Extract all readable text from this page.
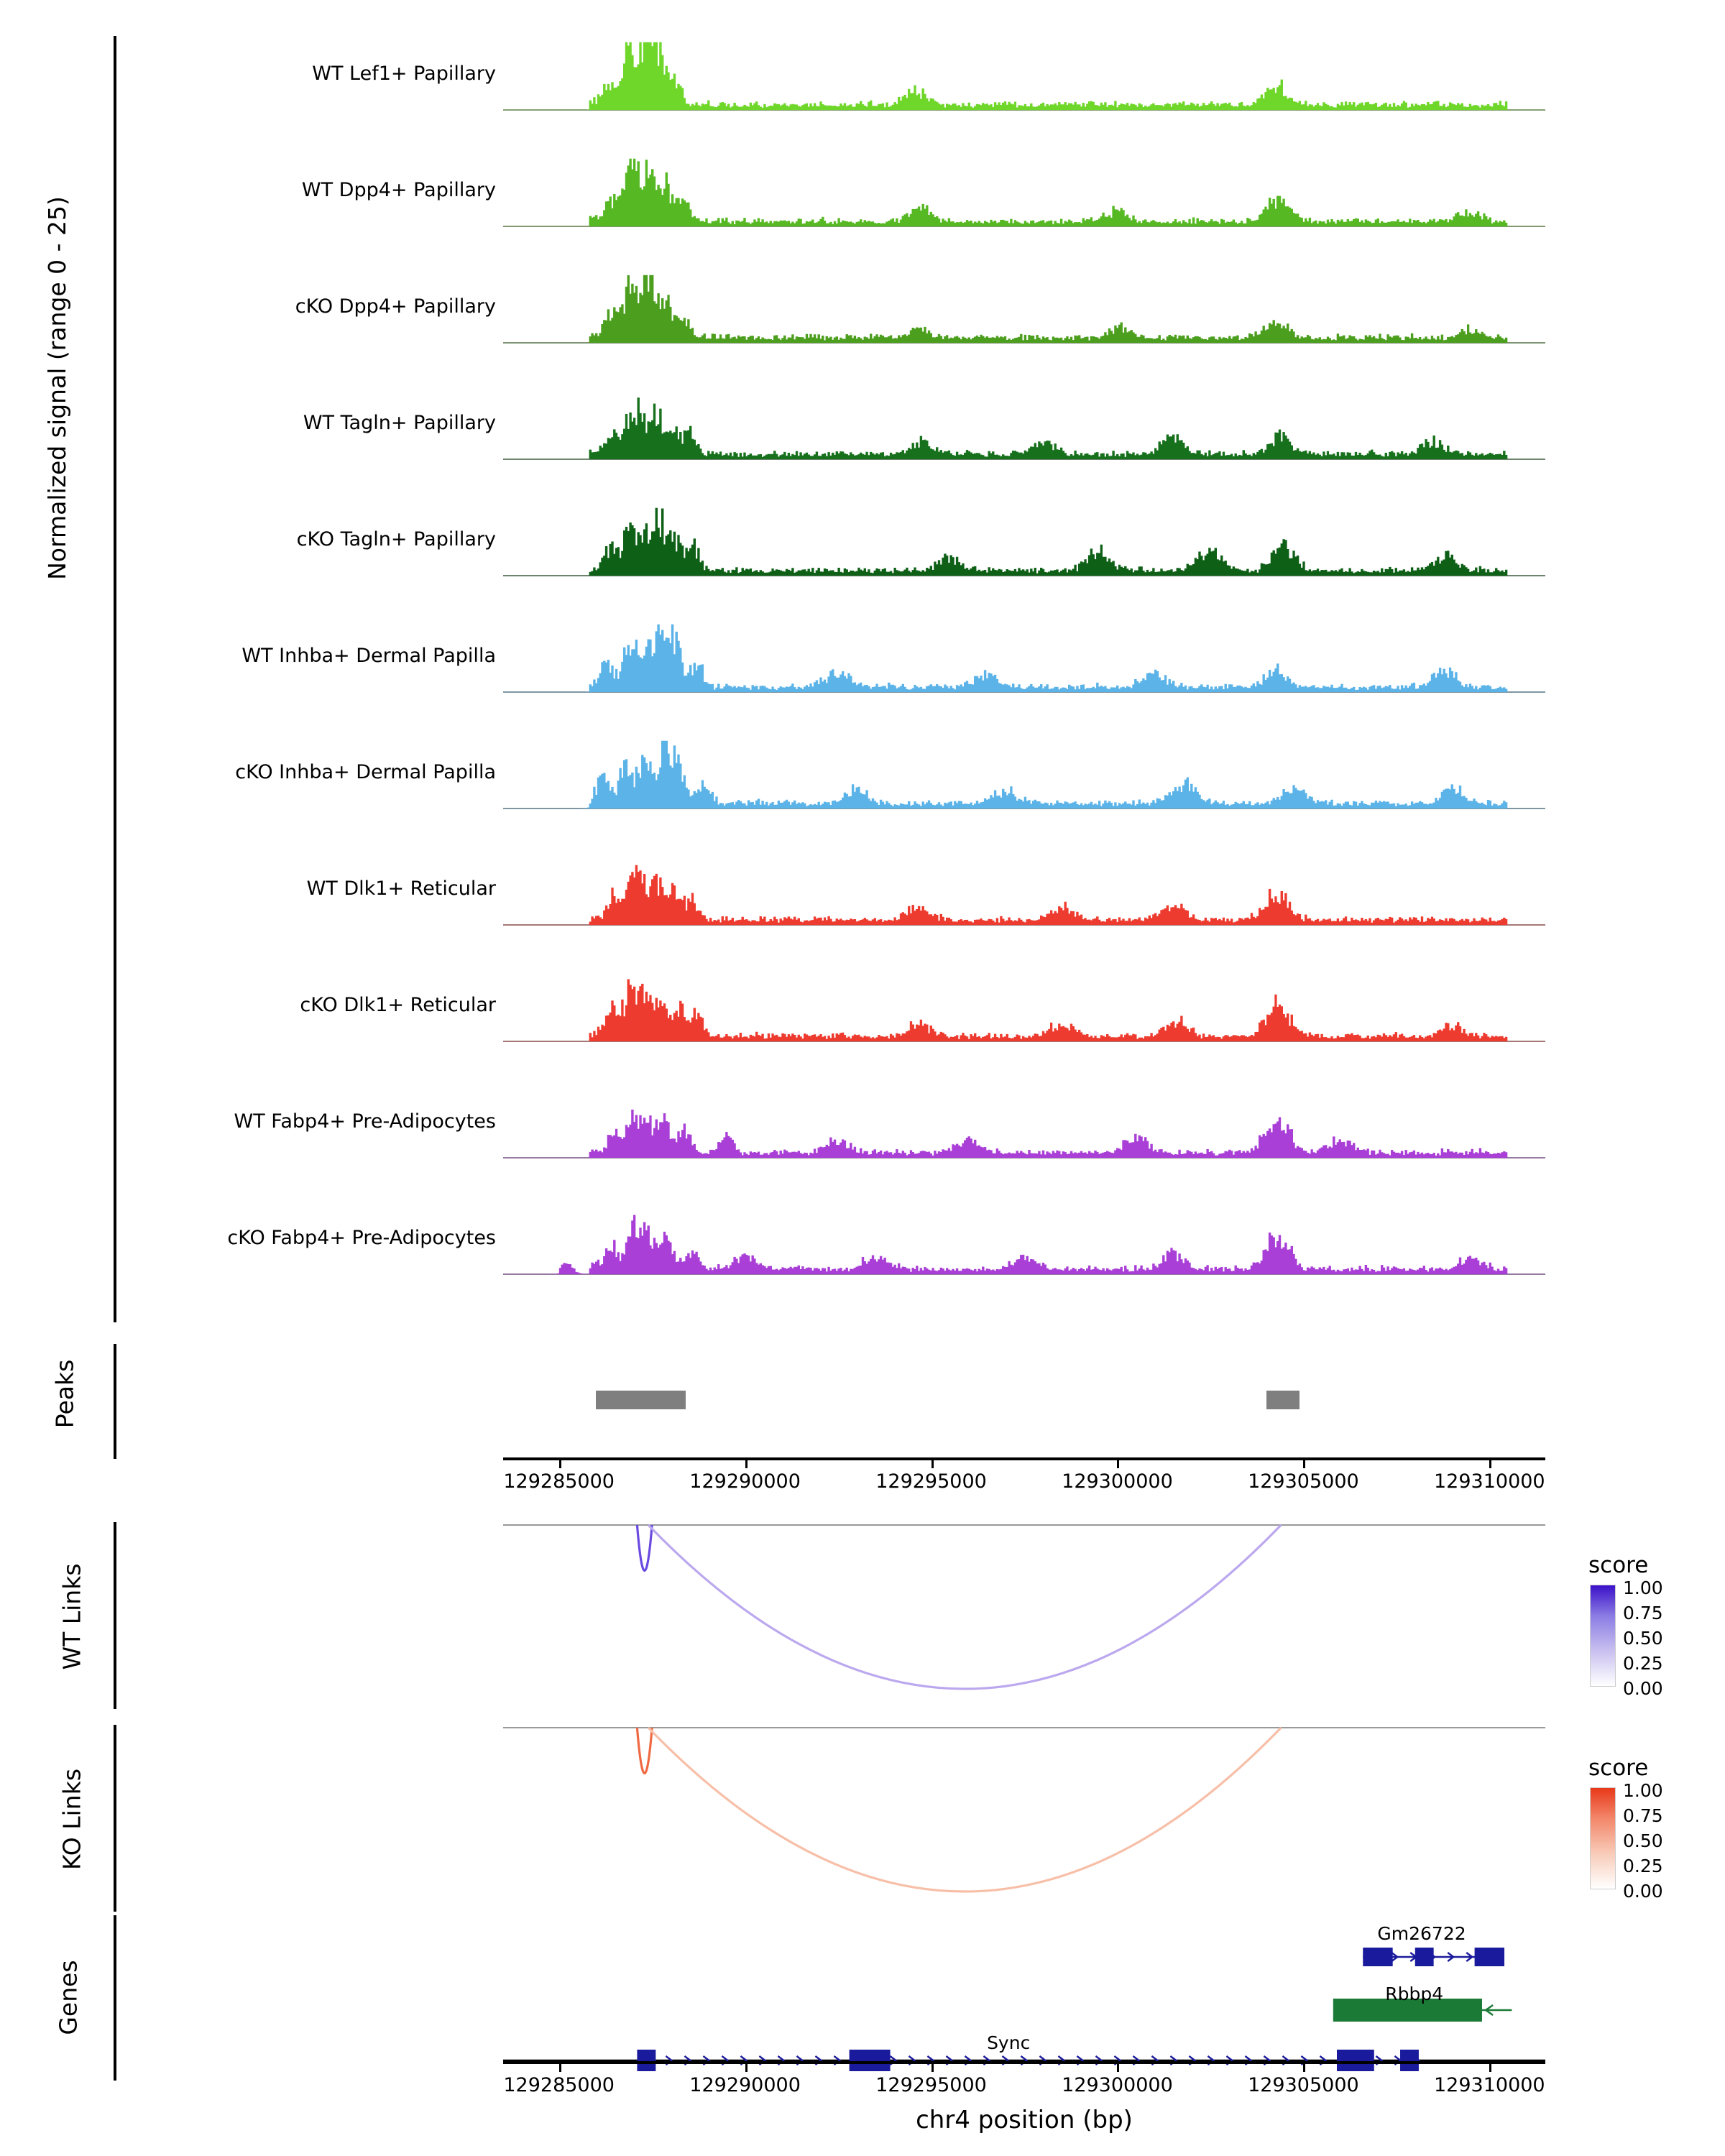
Normalized signal (range 0 - 25)
WT Lef1+ Papillary
WT Dpp4+ Papillary
cKO Dpp4+ Papillary
WT Tagln+ Papillary
cKO Tagln+ Papillary
WT Inhba+ Dermal Papilla
cKO Inhba+ Dermal Papilla
WT Dlk1+ Reticular
cKO Dlk1+ Reticular
WT Fabp4+ Pre-Adipocytes
cKO Fabp4+ Pre-Adipocytes
Peaks
129285000	129290000	129295000	129300000	129305000	129310000
WT Links	score
1.00
0.75
0.50
0.25
0.00
KO Links
score
1.00
0.75
0.50
0.25
0.00
Genes
Gm26722
Rbbp4
Sync
129285000	129290000	129295000	129300000	129305000	129310000
chr4 position (bp)
